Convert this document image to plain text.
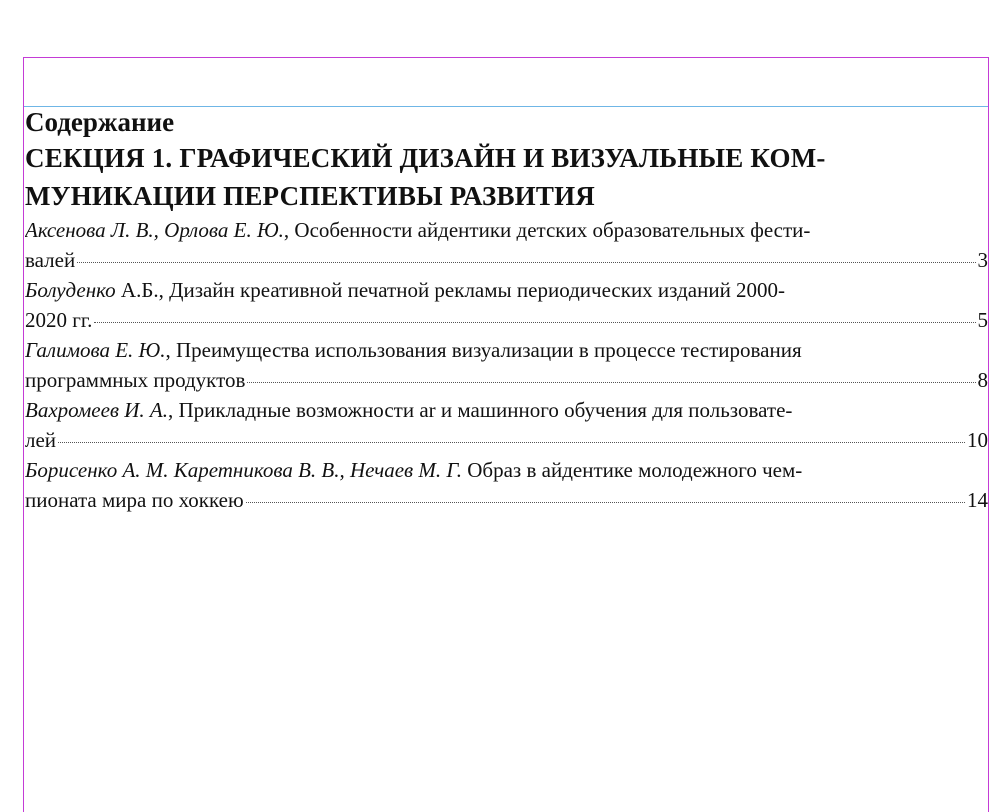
Содержание

СЕКЦИЯ 1. ГРАФИЧЕСКИЙ ДИЗАЙН И ВИЗУАЛЬНЫЕ КОМ-
МУНИКАЦИИ ПЕРСПЕКТИВЫ РАЗВИТИЯ

Аксенова Л. В., Орлова Е. Ю., Особенности айдентики детских образовательных фести-
валей	3
Болуденко А.Б., Дизайн креативной печатной рекламы периодических изданий 2000-
2020 гг.	5
Галимова Е. Ю., Преимущества использования визуализации в процессе тестирования
программных продуктов	8
Вахромеев И. А., Прикладные возможности ar и машинного обучения для пользовате-
лей	10
Борисенко А. М. Каретникова В. В., Нечаев М. Г. Образ в айдентике молодежного чем-
пионата мира по хоккею	14
